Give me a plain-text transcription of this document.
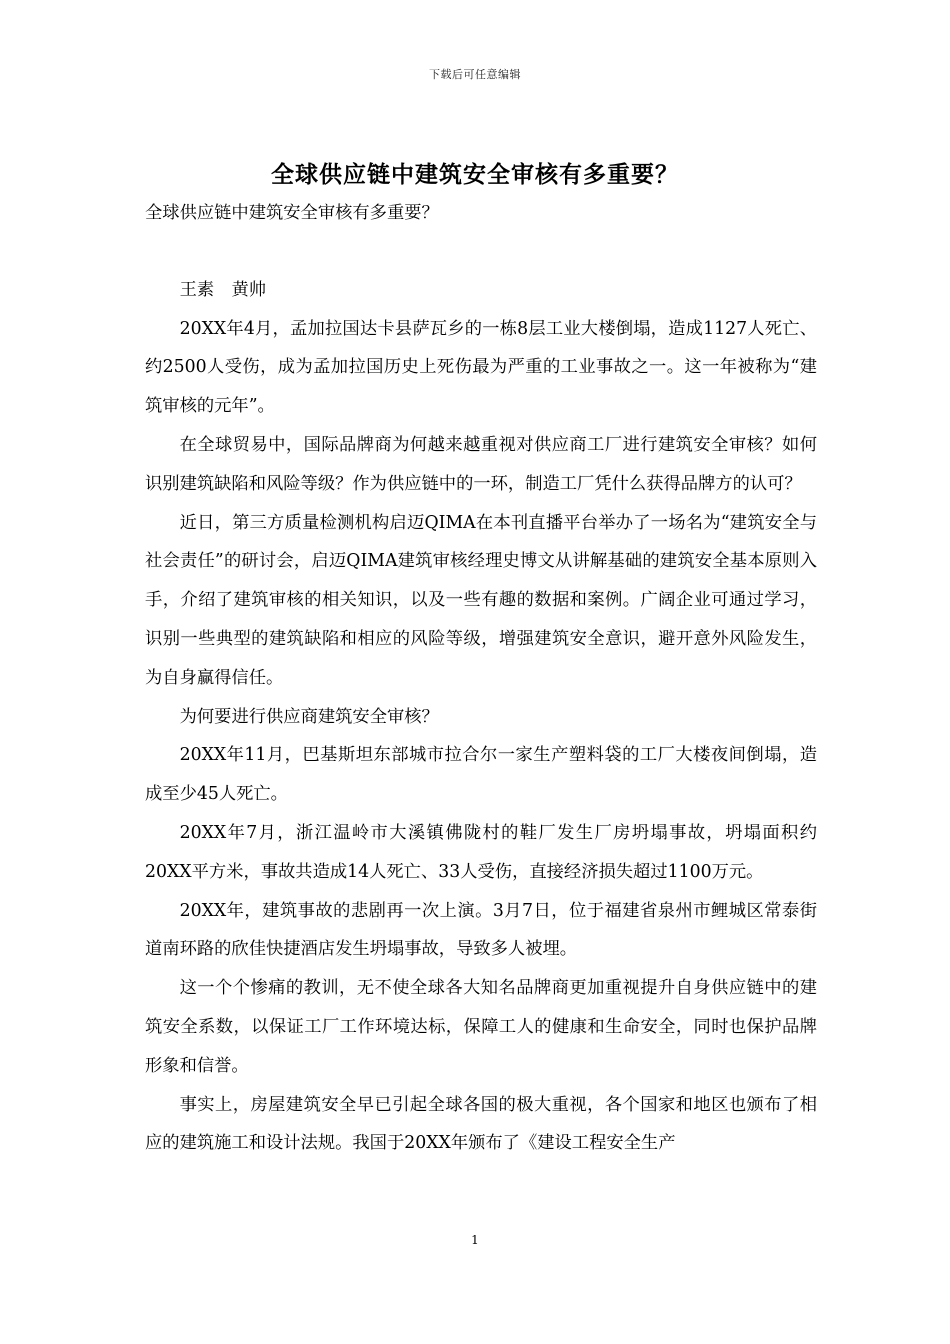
下载后可任意编辑
全球供应链中建筑安全审核有多重要？

全球供应链中建筑安全审核有多重要？

王素　黄帅

20XX年4月，孟加拉国达卡县萨瓦乡的一栋8层工业大楼倒塌，造成1127人死亡、约2500人受伤，成为孟加拉国历史上死伤最为严重的工业事故之一。这一年被称为“建筑审核的元年”。

在全球贸易中，国际品牌商为何越来越重视对供应商工厂进行建筑安全审核？如何识别建筑缺陷和风险等级？作为供应链中的一环，制造工厂凭什么获得品牌方的认可？

近日，第三方质量检测机构启迈QIMA在本刊直播平台举办了一场名为“建筑安全与社会责任”的研讨会，启迈QIMA建筑审核经理史博文从讲解基础的建筑安全基本原则入手，介绍了建筑审核的相关知识，以及一些有趣的数据和案例。广阔企业可通过学习，识别一些典型的建筑缺陷和相应的风险等级，增强建筑安全意识，避开意外风险发生，为自身赢得信任。

为何要进行供应商建筑安全审核？

20XX年11月，巴基斯坦东部城市拉合尔一家生产塑料袋的工厂大楼夜间倒塌，造成至少45人死亡。

20XX年7月，浙江温岭市大溪镇佛陇村的鞋厂发生厂房坍塌事故，坍塌面积约20XX平方米，事故共造成14人死亡、33人受伤，直接经济损失超过1100万元。

20XX年，建筑事故的悲剧再一次上演。3月7日，位于福建省泉州市鲤城区常泰街道南环路的欣佳快捷酒店发生坍塌事故，导致多人被埋。

这一个个惨痛的教训，无不使全球各大知名品牌商更加重视提升自身供应链中的建筑安全系数，以保证工厂工作环境达标，保障工人的健康和生命安全，同时也保护品牌形象和信誉。

事实上，房屋建筑安全早已引起全球各国的极大重视，各个国家和地区也颁布了相应的建筑施工和设计法规。我国于20XX年颁布了《建设工程安全生产

1
